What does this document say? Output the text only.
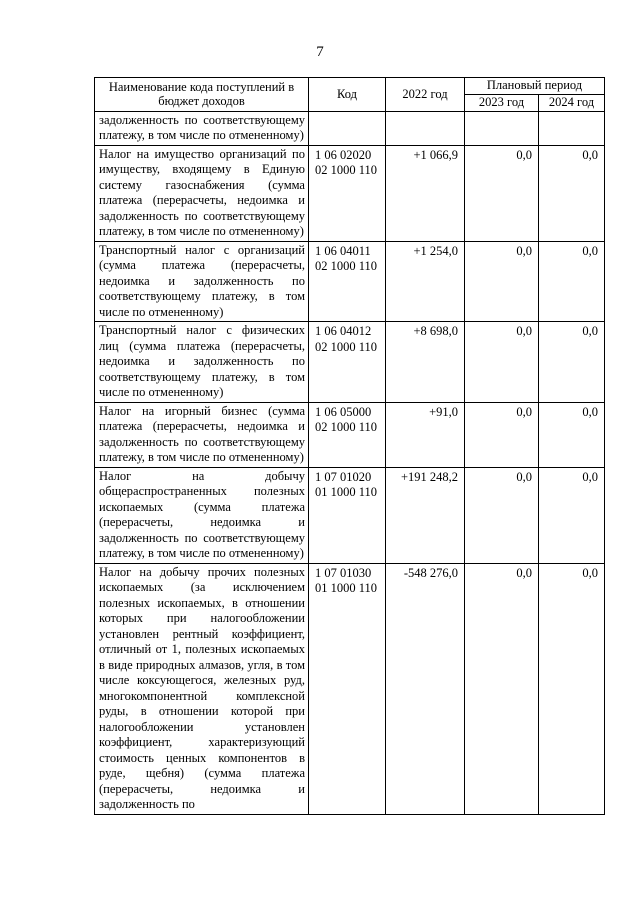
7
Наименование кода поступлений в бюджет доходов	Код	2022 год	Плановый период	
			2023 год	2024 год
задолженность по соответствующему платежу, в том числе по отмененному)				
Налог на имущество организаций по имуществу, входящему в Единую систему газоснабжения (сумма платежа (перерасчеты, недоимка и задолженность по соответствующему платежу, в том числе по отмененному)	1 06 02020 02 1000 110	+1 066,9	0,0	0,0
Транспортный налог с организаций (сумма платежа (перерасчеты, недоимка и задолженность по соответствующему платежу, в том числе по отмененному)	1 06 04011 02 1000 110	+1 254,0	0,0	0,0
Транспортный налог с физических лиц (сумма платежа (перерасчеты, недоимка и задолженность по соответствующему платежу, в том числе по отмененному)	1 06 04012 02 1000 110	+8 698,0	0,0	0,0
Налог на игорный бизнес (сумма платежа (перерасчеты, недоимка и задолженность по соответствующему платежу, в том числе по отмененному)	1 06 05000 02 1000 110	+91,0	0,0	0,0
Налог на добычу общераспространенных полезных ископаемых (сумма платежа (перерасчеты, недоимка и задолженность по соответствующему платежу, в том числе по отмененному)	1 07 01020 01 1000 110	+191 248,2	0,0	0,0
Налог на добычу прочих полезных ископаемых (за исключением полезных ископаемых, в отношении которых при налогообложении установлен рентный коэффициент, отличный от 1, полезных ископаемых в виде природных алмазов, угля, в том числе коксующегося, железных руд, многокомпонентной комплексной руды, в отношении которой при налогообложении установлен коэффициент, характеризующий стоимость ценных компонентов в руде, щебня) (сумма платежа (перерасчеты, недоимка и задолженность по	1 07 01030 01 1000 110	-548 276,0	0,0	0,0
